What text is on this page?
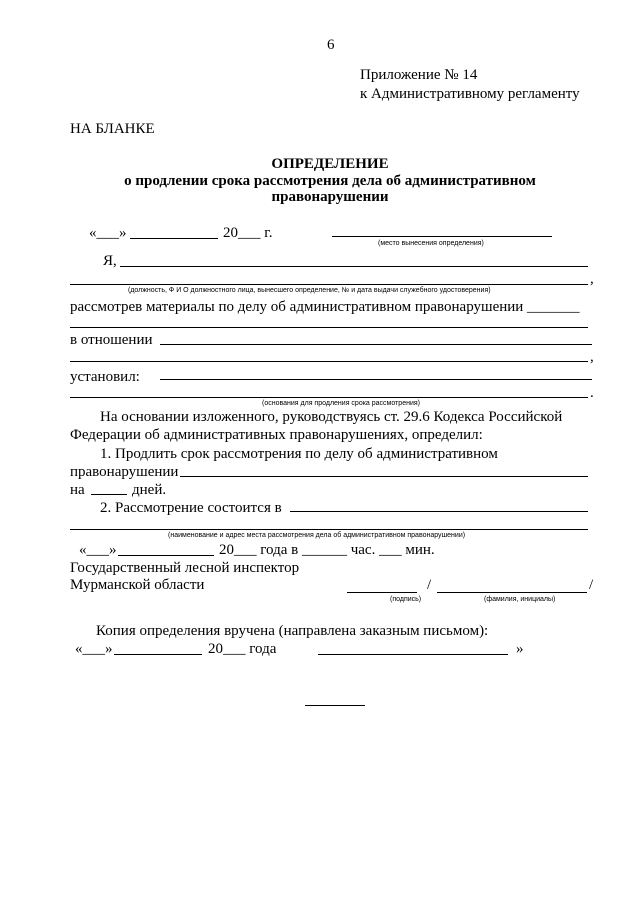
6
Приложение № 14
к Административному регламенту
НА БЛАНКЕ
ОПРЕДЕЛЕНИЕ
о продлении срока рассмотрения дела об административном
правонарушении
«___»	20___ г.
(место вынесения определения)
Я,
,
(должность, Ф И О должностного лица, вынесшего определение, № и дата выдачи служебного удостоверения)
рассмотрев материалы по делу об административном правонарушении _______
в отношении
,
установил:
.
(основания для продления срока рассмотрения)
На основании изложенного, руководствуясь ст. 29.6 Кодекса Российской
Федерации об административных правонарушениях, определил:
1. Продлить срок рассмотрения по делу об административном
правонарушении
на	дней.
2. Рассмотрение состоится в
(наименование и адрес места рассмотрения дела об административном правонарушении)
«___»	20___ года в ______ час. ___ мин.
Государственный лесной инспектор
Мурманской области	/	/
(подпись)	(фамилия, инициалы)
Копия определения вручена (направлена заказным письмом):
«___»	20___ года	»
